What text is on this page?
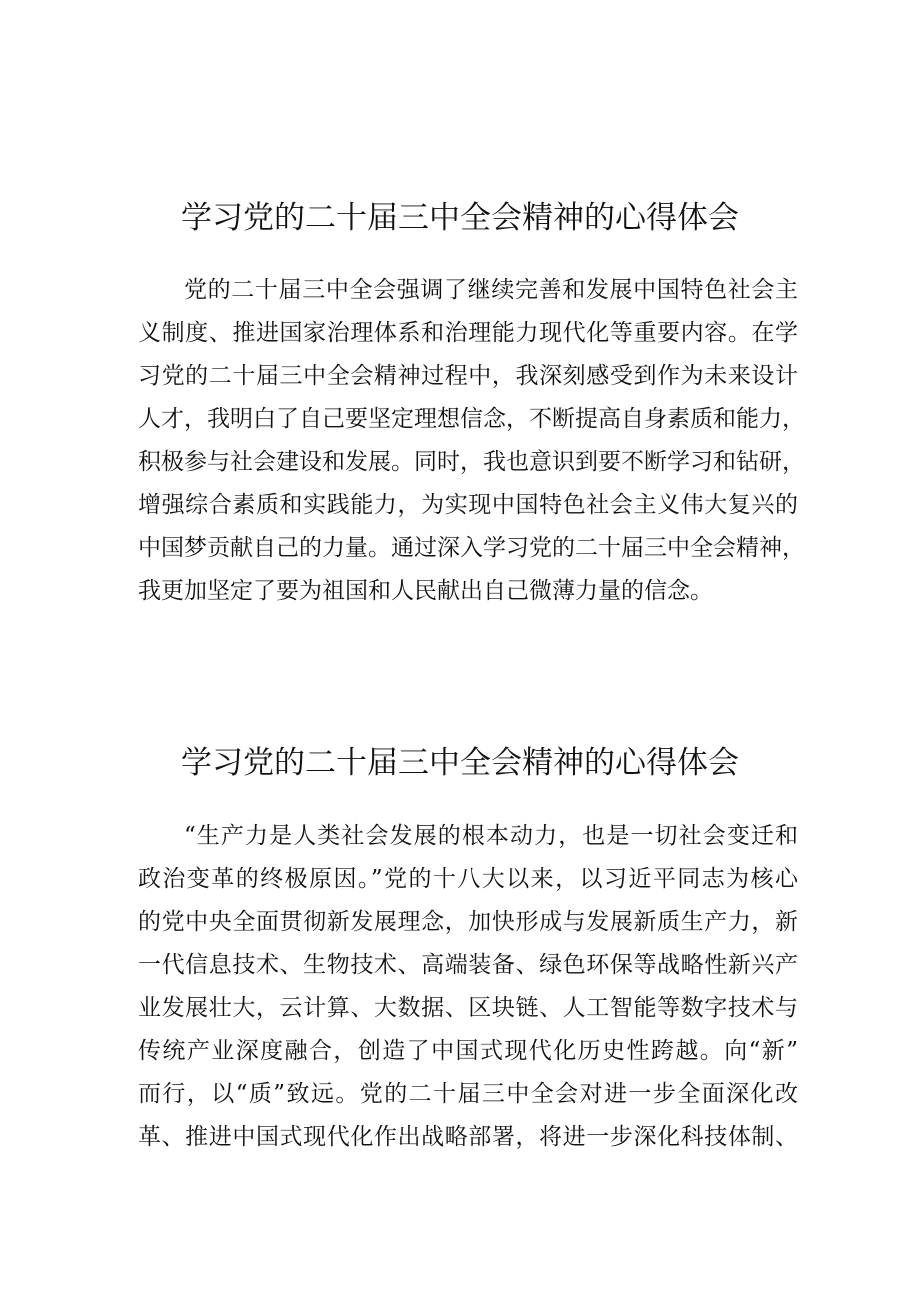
学习党的二十届三中全会精神的心得体会
党的二十届三中全会强调了继续完善和发展中国特色社会主
义制度、推进国家治理体系和治理能力现代化等重要内容。在学
习党的二十届三中全会精神过程中，我深刻感受到作为未来设计
人才，我明白了自己要坚定理想信念，不断提高自身素质和能力，
积极参与社会建设和发展。同时，我也意识到要不断学习和钻研，
增强综合素质和实践能力，为实现中国特色社会主义伟大复兴的
中国梦贡献自己的力量。通过深入学习党的二十届三中全会精神，
我更加坚定了要为祖国和人民献出自己微薄力量的信念。
学习党的二十届三中全会精神的心得体会
“生产力是人类社会发展的根本动力，也是一切社会变迁和
政治变革的终极原因。”党的十八大以来，以习近平同志为核心
的党中央全面贯彻新发展理念，加快形成与发展新质生产力，新
一代信息技术、生物技术、高端装备、绿色环保等战略性新兴产
业发展壮大，云计算、大数据、区块链、人工智能等数字技术与
传统产业深度融合，创造了中国式现代化历史性跨越。向“新”
而行，以“质”致远。党的二十届三中全会对进一步全面深化改
革、推进中国式现代化作出战略部署，将进一步深化科技体制、
